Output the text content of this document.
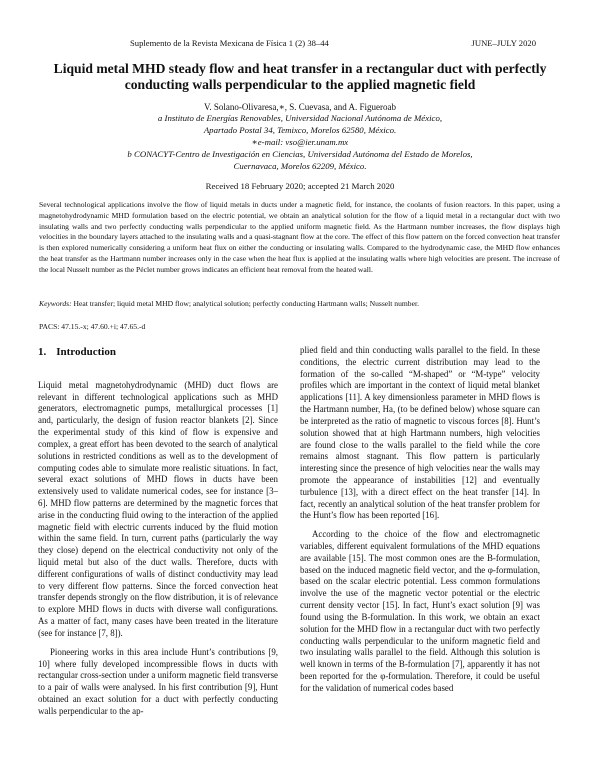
Suplemento de la Revista Mexicana de Física 1 (2) 38–44	JUNE–JULY 2020
Liquid metal MHD steady flow and heat transfer in a rectangular duct with perfectly conducting walls perpendicular to the applied magnetic field
V. Solano-Olivaresa,∗, S. Cuevasa, and A. Figueroab
a Instituto de Energías Renovables, Universidad Nacional Autónoma de México,
Apartado Postal 34, Temixco, Morelos 62580, México.
∗e-mail: vso@ier.unam.mx
b CONACYT-Centro de Investigación en Ciencias, Universidad Autónoma del Estado de Morelos,
Cuernavaca, Morelos 62209, México.
Received 18 February 2020; accepted 21 March 2020
Several technological applications involve the flow of liquid metals in ducts under a magnetic field, for instance, the coolants of fusion reactors. In this paper, using a magnetohydrodynamic MHD formulation based on the electric potential, we obtain an analytical solution for the flow of a liquid metal in a rectangular duct with two insulating walls and two perfectly conducting walls perpendicular to the applied uniform magnetic field. As the Hartmann number increases, the flow displays high velocities in the boundary layers attached to the insulating walls and a quasi-stagnant flow at the core. The effect of this flow pattern on the forced convection heat transfer is then explored numerically considering a uniform heat flux on either the conducting or insulating walls. Compared to the hydrodynamic case, the MHD flow enhances the heat transfer as the Hartmann number increases only in the case when the heat flux is applied at the insulating walls where high velocities are present. The increase of the local Nusselt number as the Péclet number grows indicates an efficient heat removal from the heated wall.
Keywords: Heat transfer; liquid metal MHD flow; analytical solution; perfectly conducting Hartmann walls; Nusselt number.
PACS: 47.15.-x; 47.60.+i; 47.65.-d
1. Introduction

Liquid metal magnetohydrodynamic (MHD) duct flows are relevant in different technological applications such as MHD generators, electromagnetic pumps, metallurgical processes [1] and, particularly, the design of fusion reactor blankets [2]. Since the experimental study of this kind of flow is expensive and complex, a great effort has been devoted to the search of analytical solutions in restricted conditions as well as to the development of computing codes able to simulate more realistic situations. In fact, several exact solutions of MHD flows in ducts have been extensively used to validate numerical codes, see for instance [3–6]. MHD flow patterns are determined by the magnetic forces that arise in the conducting fluid owing to the interaction of the applied magnetic field with electric currents induced by the fluid motion within the same field. In turn, current paths (particularly the way they close) depend on the electrical conductivity not only of the liquid metal but also of the duct walls. Therefore, ducts with different configurations of walls of distinct conductivity may lead to very different flow patterns. Since the forced convection heat transfer depends strongly on the flow distribution, it is of relevance to explore MHD flows in ducts with diverse wall configurations. As a matter of fact, many cases have been treated in the literature (see for instance [7, 8]).

Pioneering works in this area include Hunt’s contributions [9, 10] where fully developed incompressible flows in ducts with rectangular cross-section under a uniform magnetic field transverse to a pair of walls were analysed. In his first contribution [9], Hunt obtained an exact solution for a duct with perfectly conducting walls perpendicular to the ap-

plied field and thin conducting walls parallel to the field. In these conditions, the electric current distribution may lead to the formation of the so-called “M-shaped” or “M-type” velocity profiles which are important in the context of liquid metal blanket applications [11]. A key dimensionless parameter in MHD flows is the Hartmann number, Ha, (to be defined below) whose square can be interpreted as the ratio of magnetic to viscous forces [8]. Hunt’s solution showed that at high Hartmann numbers, high velocities are found close to the walls parallel to the field while the core remains almost stagnant. This flow pattern is particularly interesting since the presence of high velocities near the walls may promote the appearance of instabilities [12] and eventually turbulence [13], with a direct effect on the heat transfer [14]. In fact, recently an analytical solution of the heat transfer problem for the Hunt’s flow has been reported [16].

According to the choice of the flow and electromagnetic variables, different equivalent formulations of the MHD equations are available [15]. The most common ones are the B-formulation, based on the induced magnetic field vector, and the φ-formulation, based on the scalar electric potential. Less common formulations involve the use of the magnetic vector potential or the electric current density vector [15]. In fact, Hunt’s exact solution [9] was found using the B-formulation. In this work, we obtain an exact solution for the MHD flow in a rectangular duct with two perfectly conducting walls perpendicular to the uniform magnetic field and two insulating walls parallel to the field. Although this solution is well known in terms of the B-formulation [7], apparently it has not been reported for the φ-formulation. Therefore, it could be useful for the validation of numerical codes based
